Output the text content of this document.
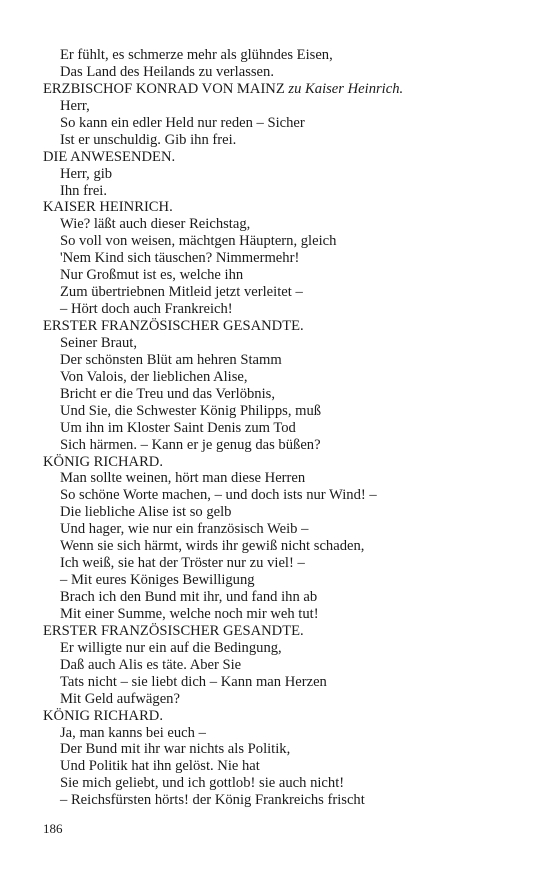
Er fühlt, es schmerze mehr als glühndes Eisen,
Das Land des Heilands zu verlassen.
ERZBISCHOF KONRAD VON MAINZ zu Kaiser Heinrich.
Herr,
So kann ein edler Held nur reden – Sicher
Ist er unschuldig. Gib ihn frei.
DIE ANWESENDEN.
Herr, gib
Ihn frei.
KAISER HEINRICH.
Wie? läßt auch dieser Reichstag,
So voll von weisen, mächtgen Häuptern, gleich
'Nem Kind sich täuschen? Nimmermehr!
Nur Großmut ist es, welche ihn
Zum übertriebnen Mitleid jetzt verleitet –
– Hört doch auch Frankreich!
ERSTER FRANZÖSISCHER GESANDTE.
Seiner Braut,
Der schönsten Blüt am hehren Stamm
Von Valois, der lieblichen Alise,
Bricht er die Treu und das Verlöbnis,
Und Sie, die Schwester König Philipps, muß
Um ihn im Kloster Saint Denis zum Tod
Sich härmen. – Kann er je genug das büßen?
KÖNIG RICHARD.
Man sollte weinen, hört man diese Herren
So schöne Worte machen, – und doch ists nur Wind! –
Die liebliche Alise ist so gelb
Und hager, wie nur ein französisch Weib –
Wenn sie sich härmt, wirds ihr gewiß nicht schaden,
Ich weiß, sie hat der Tröster nur zu viel! –
– Mit eures Königes Bewilligung
Brach ich den Bund mit ihr, und fand ihn ab
Mit einer Summe, welche noch mir weh tut!
ERSTER FRANZÖSISCHER GESANDTE.
Er willigte nur ein auf die Bedingung,
Daß auch Alis es täte. Aber Sie
Tats nicht – sie liebt dich – Kann man Herzen
Mit Geld aufwägen?
KÖNIG RICHARD.
Ja, man kanns bei euch –
Der Bund mit ihr war nichts als Politik,
Und Politik hat ihn gelöst. Nie hat
Sie mich geliebt, und ich gottlob! sie auch nicht!
– Reichsfürsten hörts! der König Frankreichs frischt
186
